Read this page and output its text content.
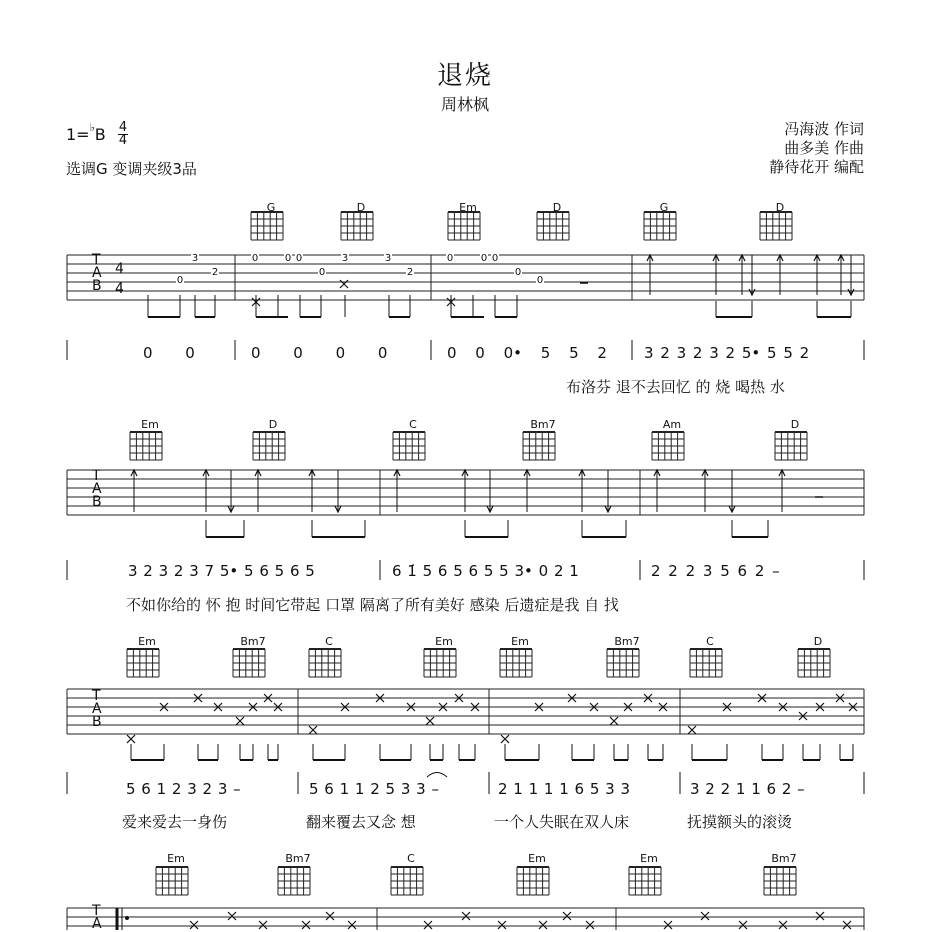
退烧
周林枫
1=♭B 4
4
选调G 变调夹级3品
冯海波 作词
曲多美 作曲
静待花开 编配
3
2
0
0	0 0
0
3	3
2
0	0 0
0
0
G	D	Em	D	G	D
T
A
B
4
4
0 0	0 0 0 0	0 0 0• 5 5 2 3 2 3 2 3 2 5• 5 5 2
布洛芬 退不去回忆 的 烧 喝热 水
Em	D	C	Bm7	Am	D
T
A
B
3 2 3 2 3 7 5• 5 6 5 6 5	6 1̇ 5 6 5 6 5 5 3• 0 2 1	2 2 2 3 5 6 2 –
不如你给的 怀 抱 时间它带起 口罩 隔离了所有美好 感染 后遗症是我 自 找
Em	Bm7	C	Em	Em	Bm7	C	D
T
A
B
5 6 1 2 3 2 3 –	5 6 1 1 2 5 3 3 –	2 1 1 1 1 6 5 3 3	3 2 2 1 1 6 2 –
爱来爱去一身伤	翻来覆去又念 想	一个人失眠在双人床	抚摸额头的滚烫
Em	Bm7	C	Em	Em	Bm7
T
A
